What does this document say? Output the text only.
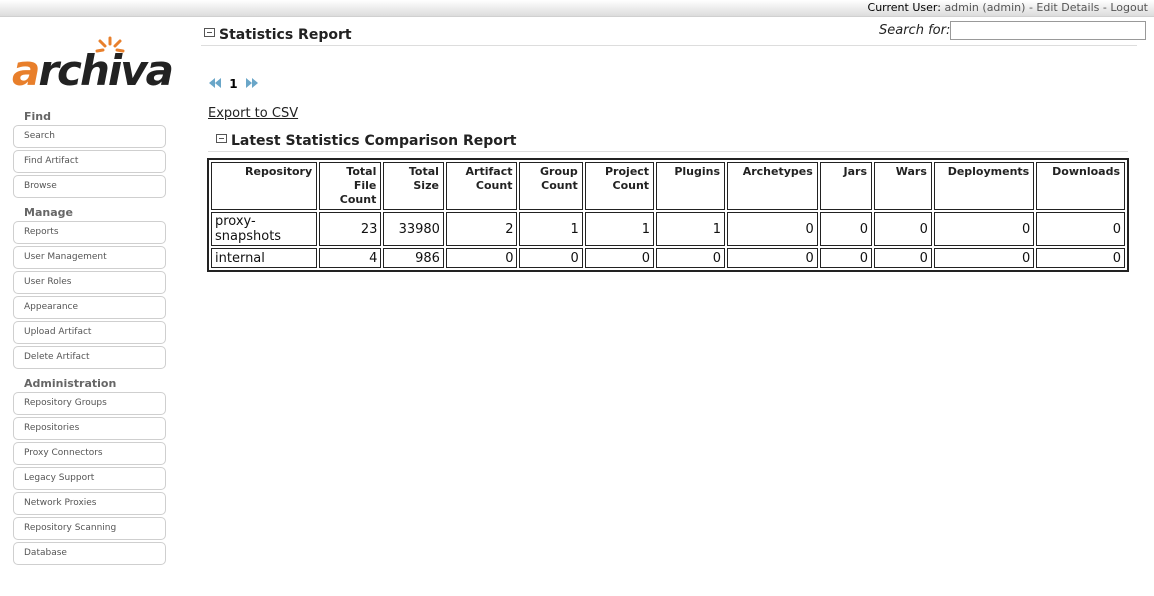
Current User: admin (admin) - Edit Details - Logout
archiva
Find
Search
Find Artifact
Browse
Manage
Reports
User Management
User Roles
Appearance
Upload Artifact
Delete Artifact
Administration
Repository Groups
Repositories
Proxy Connectors
Legacy Support
Network Proxies
Repository Scanning
Database
Statistics Report	Search for:
1
Export to CSV
Latest Statistics Comparison Report
Repository	Total File Count	Total Size	Artifact Count	Group Count	Project Count	Plugins	Archetypes	Jars	Wars	Deployments	Downloads
proxy-snapshots	23	33980	2	1	1	1	0	0	0	0	0
internal	4	986	0	0	0	0	0	0	0	0	0
